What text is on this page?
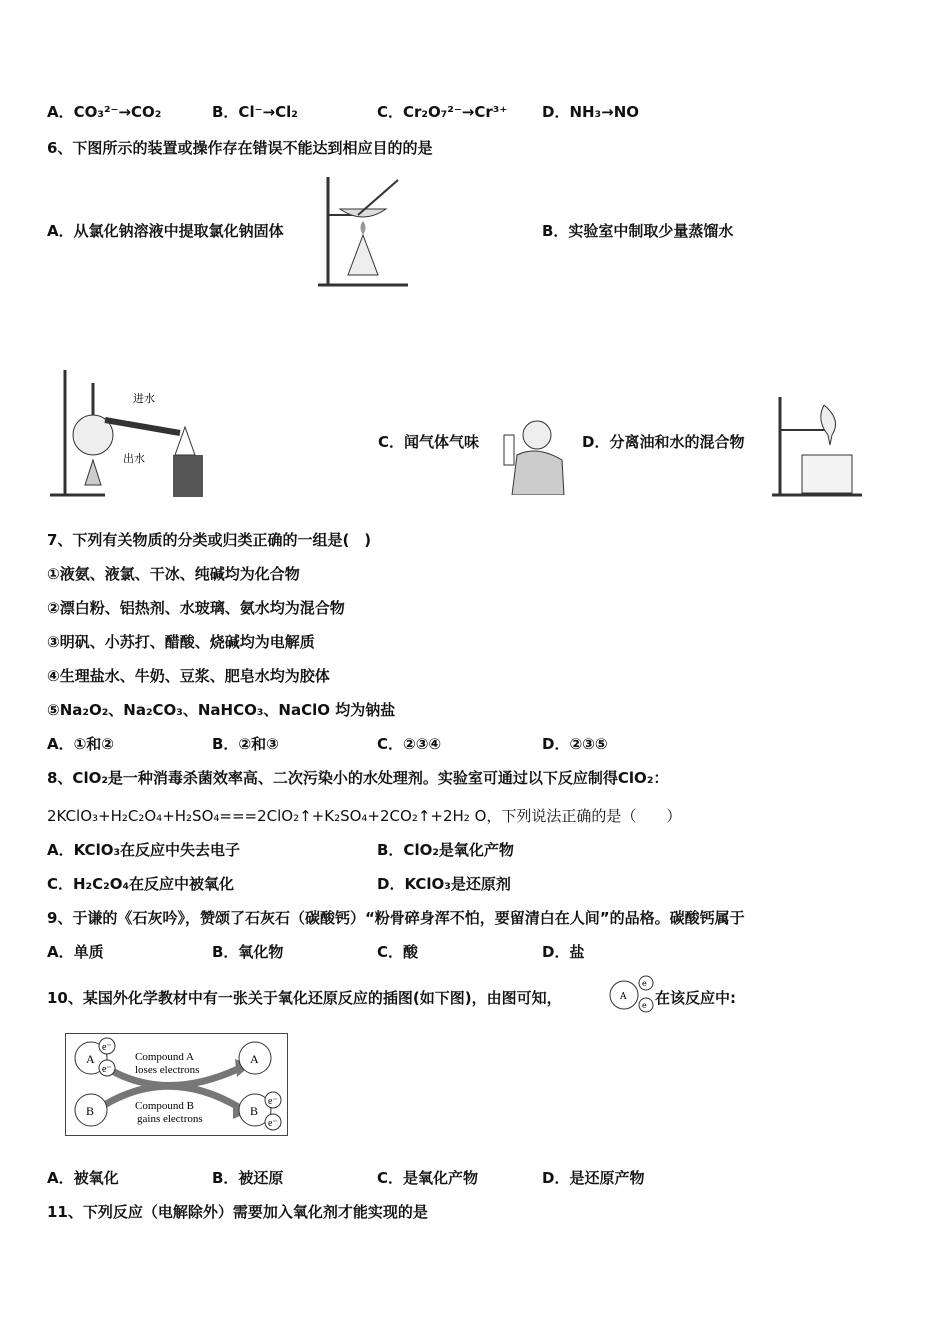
A．CO₃²⁻→CO₂	B．Cl⁻→Cl₂	C．Cr₂O₇²⁻→Cr³⁺ D．NH₃→NO
6、下图所示的装置或操作存在错误不能达到相应目的的是
A．从氯化钠溶液中提取氯化钠固体	B．实验室中制取少量蒸馏水
进水
出水
C．闻气体气味	D．分离油和水的混合物
7、下列有关物质的分类或归类正确的一组是(　)
①液氨、液氯、干冰、纯碱均为化合物
②漂白粉、铝热剂、水玻璃、氨水均为混合物
③明矾、小苏打、醋酸、烧碱均为电解质
④生理盐水、牛奶、豆浆、肥皂水均为胶体
⑤Na₂O₂、Na₂CO₃、NaHCO₃、NaClO 均为钠盐
A．①和②	B．②和③	C．②③④	D．②③⑤
8、ClO₂是一种消毒杀菌效率高、二次污染小的水处理剂。实验室可通过以下反应制得ClO₂：
2KClO₃+H₂C₂O₄+H₂SO₄===2ClO₂↑+K₂SO₄+2CO₂↑+2H₂ O，下列说法正确的是（　　）
A．KClO₃在反应中失去电子	B．ClO₂是氧化产物
C．H₂C₂O₄在反应中被氧化	D．KClO₃是还原剂
9、于谦的《石灰吟》，赞颂了石灰石（碳酸钙）“粉骨碎身浑不怕，要留清白在人间”的品格。碳酸钙属于
A．单质	B．氧化物	C．酸	D．盐
10、某国外化学教材中有一张关于氧化还原反应的插图(如下图)，由图可知，	A
e
e 在该反应中:
A
e⁻
e⁻
B
A
B
e⁻
e⁻
Compound A
loses electrons
Compound B
gains electrons
A．被氧化	B．被还原	C．是氧化产物	D．是还原产物
11、下列反应（电解除外）需要加入氧化剂才能实现的是
